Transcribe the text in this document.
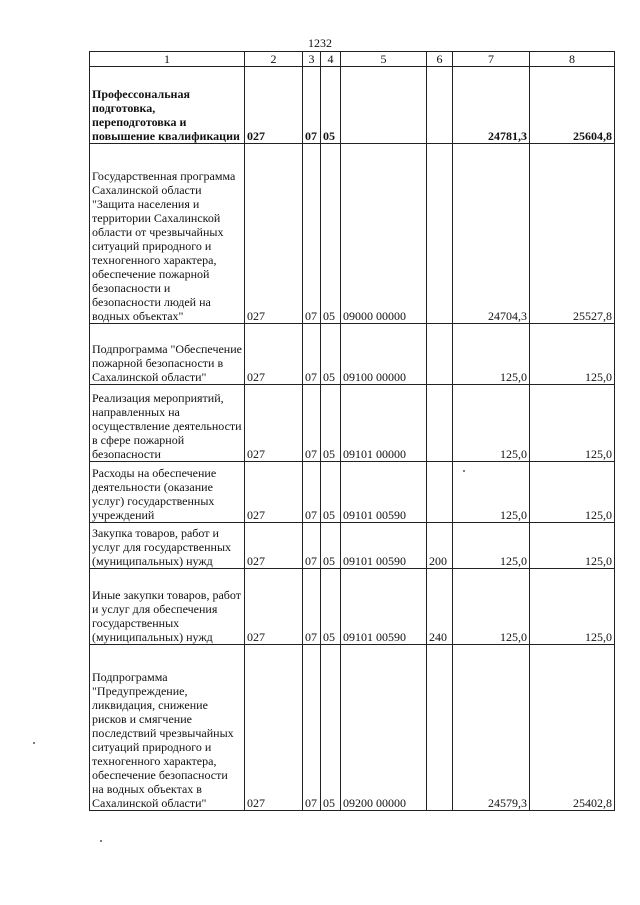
1232
1	2	3	4	5	6	7	8
Профессональная подготовка, переподготовка и повышение квалификации	027	07	05			24781,3	25604,8
Государственная программа Сахалинской области "Защита населения и территории Сахалинской области от чрезвычайных ситуаций природного и техногенного характера, обеспечение пожарной безопасности и безопасности людей на водных объектах"	027	07	05	09000 00000		24704,3	25527,8
Подпрограмма "Обеспечение пожарной безопасности в Сахалинской области"	027	07	05	09100 00000		125,0	125,0
Реализация мероприятий, направленных на осуществление деятельности в сфере пожарной безопасности	027	07	05	09101 00000		125,0	125,0
Расходы на обеспечение деятельности (оказание услуг) государственных учреждений	027	07	05	09101 00590		125,0	125,0
Закупка товаров, работ и услуг для государственных (муниципальных) нужд	027	07	05	09101 00590	200	125,0	125,0
Иные закупки товаров, работ и услуг для обеспечения государственных (муниципальных) нужд	027	07	05	09101 00590	240	125,0	125,0
Подпрограмма "Предупреждение, ликвидация, снижение рисков и смягчение последствий чрезвычайных ситуаций природного и техногенного характера, обеспечение безопасности на водных объектах в Сахалинской области"	027	07	05	09200 00000		24579,3	25402,8
